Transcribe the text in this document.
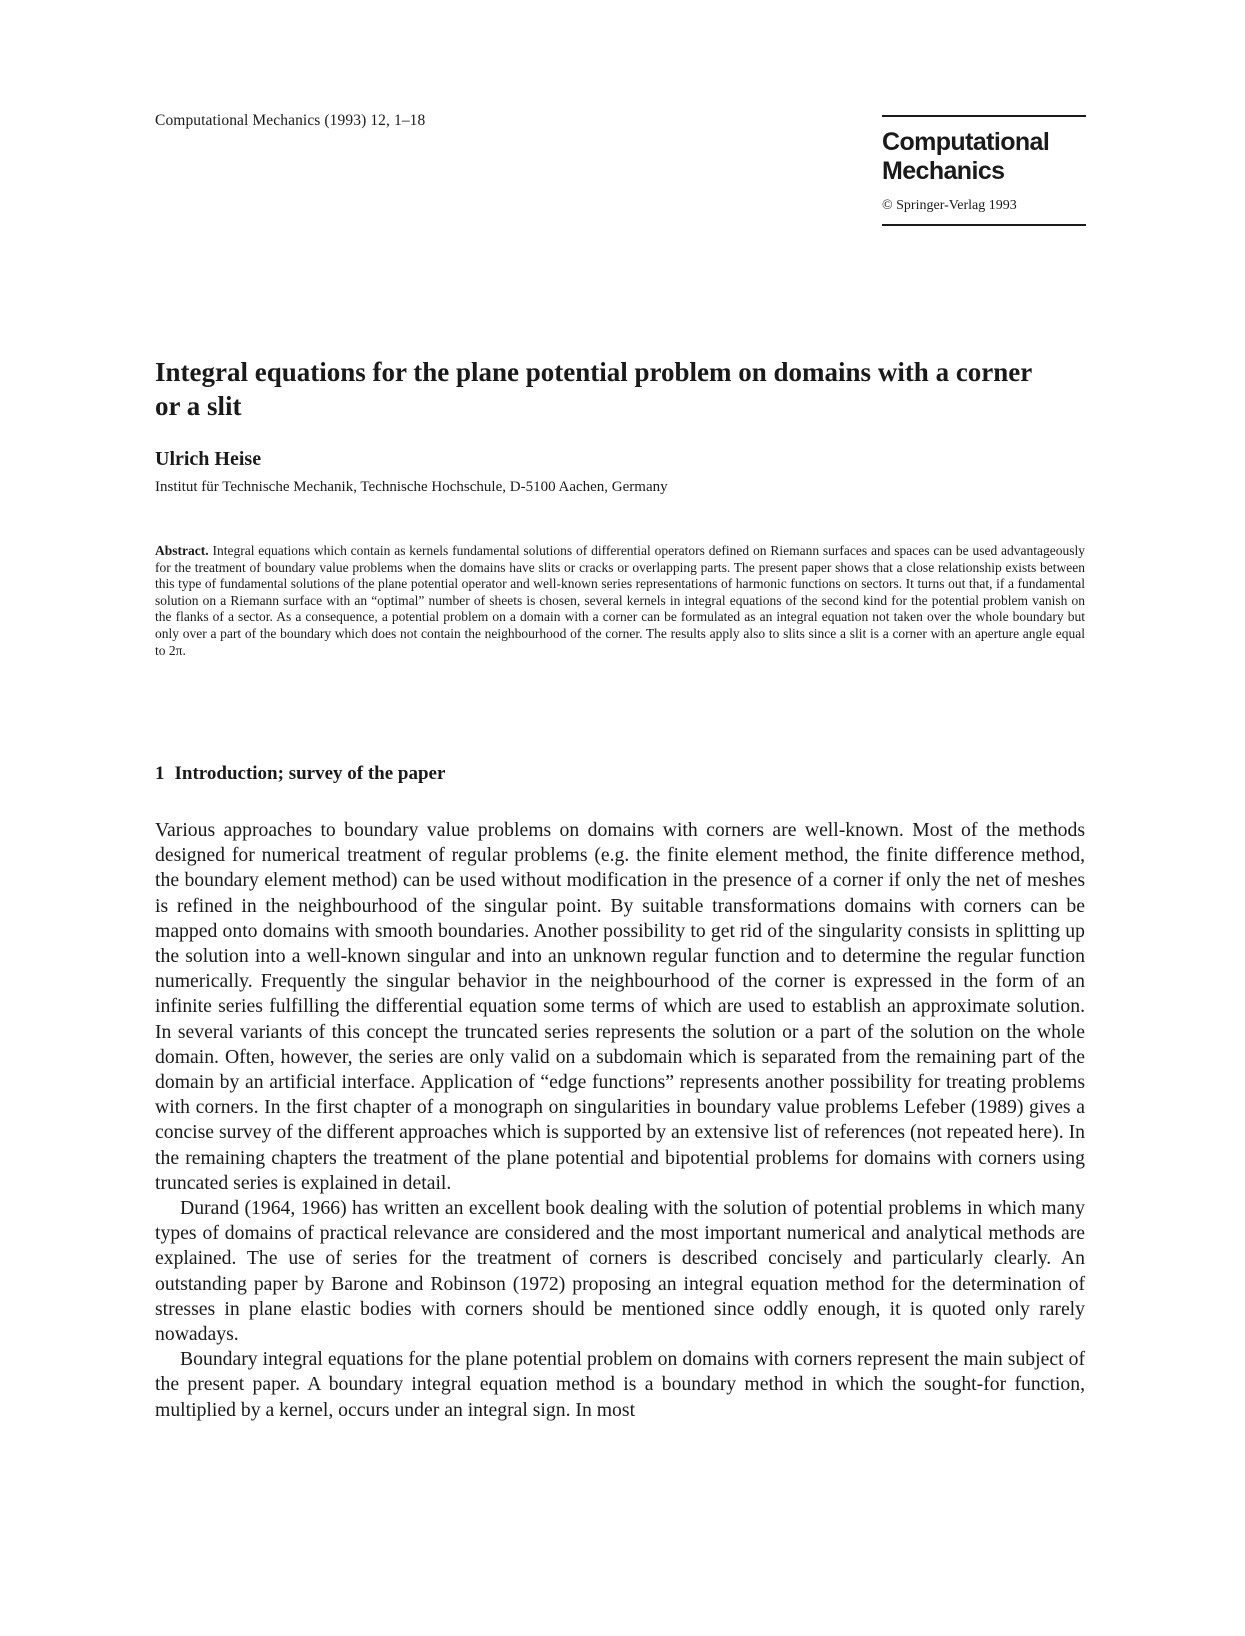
Computational Mechanics (1993) 12, 1–18
Computational
Mechanics
© Springer-Verlag 1993
Integral equations for the plane potential problem on domains with a corner or a slit
Ulrich Heise
Institut für Technische Mechanik, Technische Hochschule, D-5100 Aachen, Germany

Abstract. Integral equations which contain as kernels fundamental solutions of differential operators defined on Riemann surfaces and spaces can be used advantageously for the treatment of boundary value problems when the domains have slits or cracks or overlapping parts. The present paper shows that a close relationship exists between this type of fundamental solutions of the plane potential operator and well-known series representations of harmonic functions on sectors. It turns out that, if a fundamental solution on a Riemann surface with an “optimal” number of sheets is chosen, several kernels in integral equations of the second kind for the potential problem vanish on the flanks of a sector. As a consequence, a potential problem on a domain with a corner can be formulated as an integral equation not taken over the whole boundary but only over a part of the boundary which does not contain the neighbourhood of the corner. The results apply also to slits since a slit is a corner with an aperture angle equal to 2π.

1 Introduction; survey of the paper

Various approaches to boundary value problems on domains with corners are well-known. Most of the methods designed for numerical treatment of regular problems (e.g. the finite element method, the finite difference method, the boundary element method) can be used without modification in the presence of a corner if only the net of meshes is refined in the neighbourhood of the singular point. By suitable transformations domains with corners can be mapped onto domains with smooth boundaries. Another possibility to get rid of the singularity consists in splitting up the solution into a well-known singular and into an unknown regular function and to determine the regular function numerically. Frequently the singular behavior in the neighbourhood of the corner is expressed in the form of an infinite series fulfilling the differential equation some terms of which are used to establish an approximate solution. In several variants of this concept the truncated series represents the solution or a part of the solution on the whole domain. Often, however, the series are only valid on a subdomain which is separated from the remaining part of the domain by an artificial interface. Application of “edge functions” represents another possibility for treating problems with corners. In the first chapter of a monograph on singularities in boundary value problems Lefeber (1989) gives a concise survey of the different approaches which is supported by an extensive list of references (not repeated here). In the remaining chapters the treatment of the plane potential and bipotential problems for domains with corners using truncated series is explained in detail.

Durand (1964, 1966) has written an excellent book dealing with the solution of potential problems in which many types of domains of practical relevance are considered and the most important numerical and analytical methods are explained. The use of series for the treatment of corners is described concisely and particularly clearly. An outstanding paper by Barone and Robinson (1972) proposing an integral equation method for the determination of stresses in plane elastic bodies with corners should be mentioned since oddly enough, it is quoted only rarely nowadays.

Boundary integral equations for the plane potential problem on domains with corners represent the main subject of the present paper. A boundary integral equation method is a boundary method in which the sought-for function, multiplied by a kernel, occurs under an integral sign. In most
